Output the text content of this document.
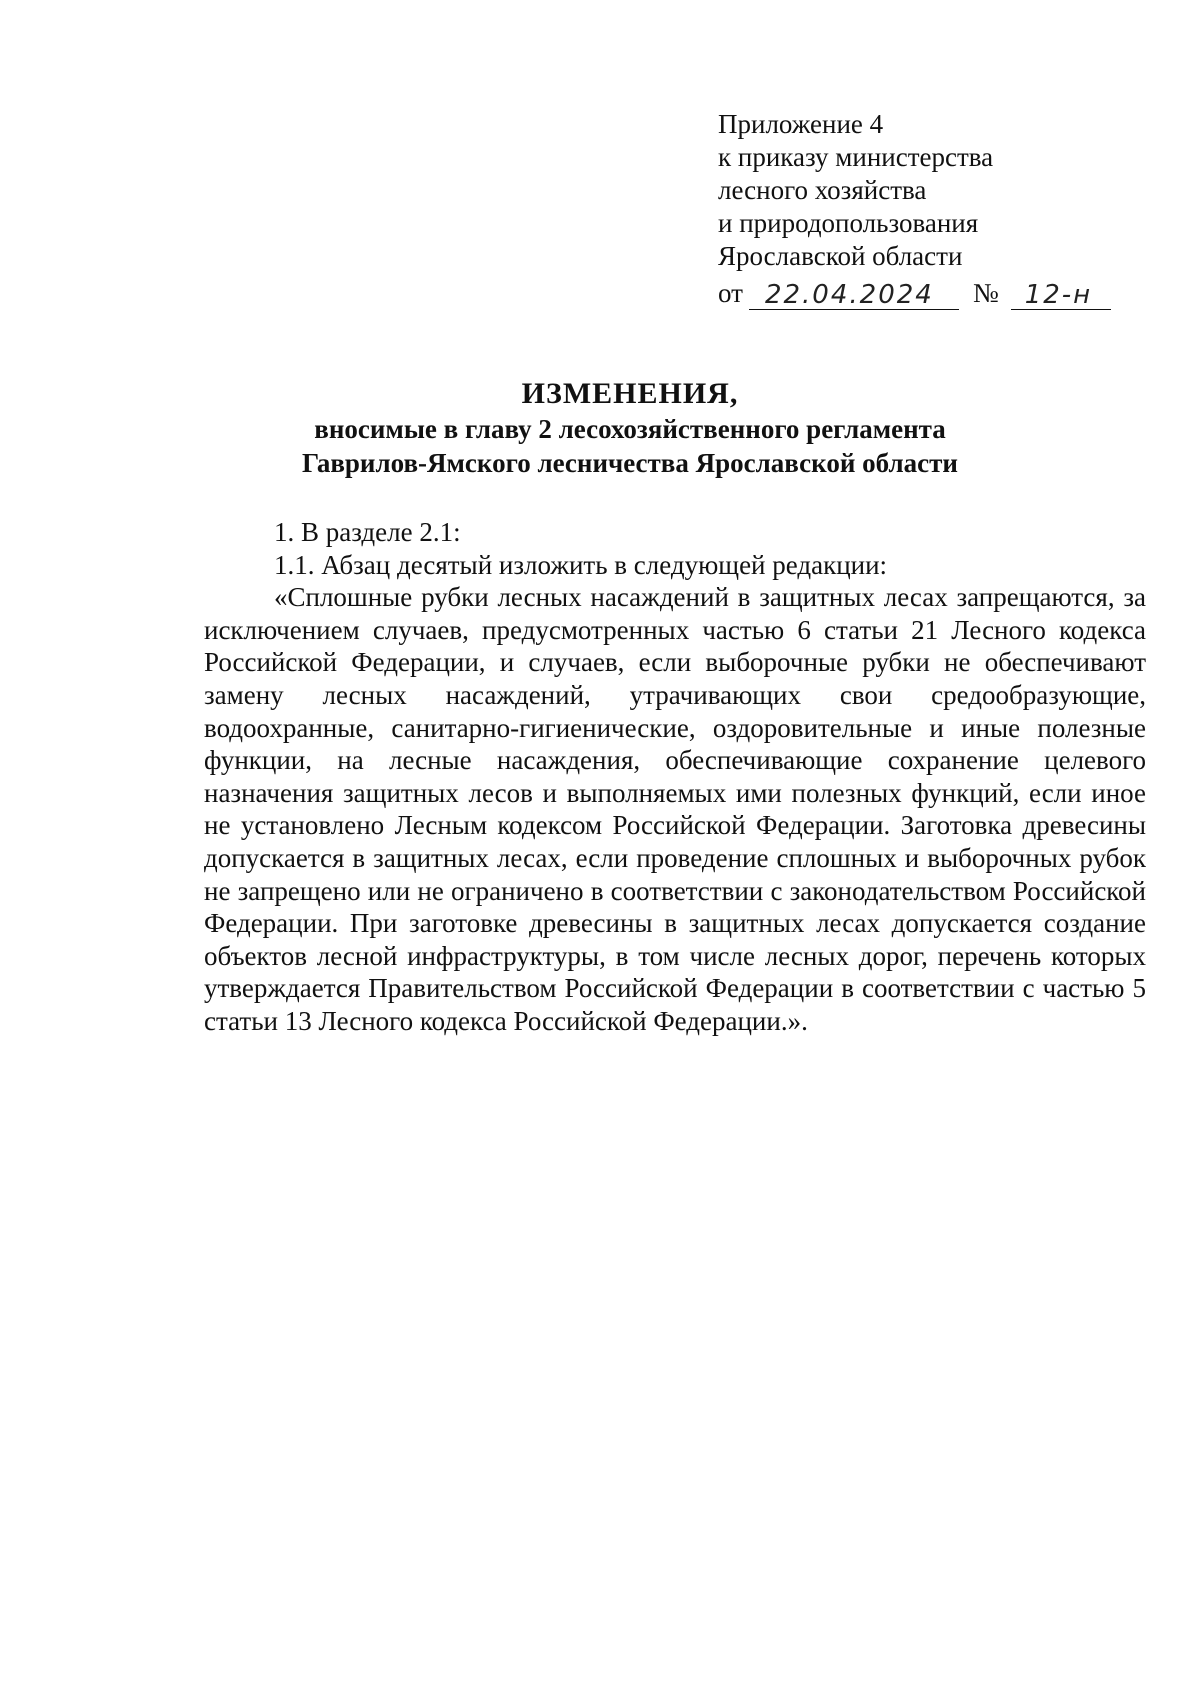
Приложение 4
к приказу министерства
лесного хозяйства
и природопользования
Ярославской области
от 22.04.2024	№	12-н
ИЗМЕНЕНИЯ,
вносимые в главу 2 лесохозяйственного регламента
Гаврилов-Ямского лесничества Ярославской области

1. В разделе 2.1:

1.1. Абзац десятый изложить в следующей редакции:

«Сплошные рубки лесных насаждений в защитных лесах запрещаются, за исключением случаев, предусмотренных частью 6 статьи 21 Лесного кодекса Российской Федерации, и случаев, если выборочные рубки не обеспечивают замену лесных насаждений, утрачивающих свои средообразующие, водоохранные, санитарно-гигиенические, оздоровительные и иные полезные функции, на лесные насаждения, обеспечивающие сохранение целевого назначения защитных лесов и выполняемых ими полезных функций, если иное не установлено Лесным кодексом Российской Федерации. Заготовка древесины допускается в защитных лесах, если проведение сплошных и выборочных рубок не запрещено или не ограничено в соответствии с законодательством Российской Федерации. При заготовке древесины в защитных лесах допускается создание объектов лесной инфраструктуры, в том числе лесных дорог, перечень которых утверждается Правительством Российской Федерации в соответствии с частью 5 статьи 13 Лесного кодекса Российской Федерации.».
